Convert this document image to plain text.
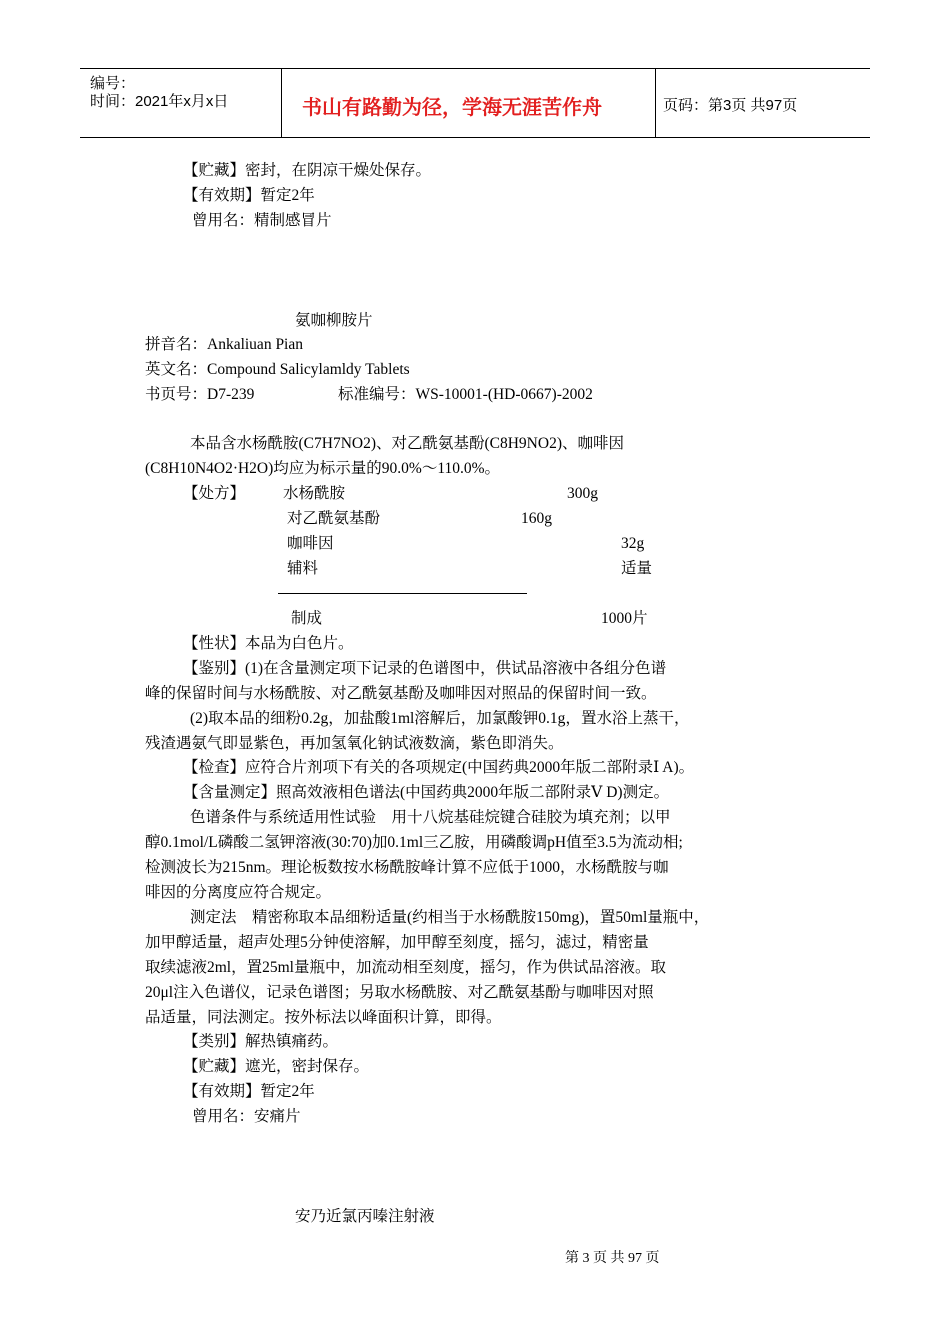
编号：
时间：2021年x月x日	书山有路勤为径，学海无涯苦作舟	页码：第3页 共97页
【贮藏】密封，在阴凉干燥处保存。
【有效期】暂定2年
曾用名：精制感冒片
氨咖柳胺片
拼音名：Ankaliuan Pian
英文名：Compound Salicylamldy Tablets
书页号：D7-239	标准编号：WS-10001-(HD-0667)-2002
本品含水杨酰胺(C7H7NO2)、对乙酰氨基酚(C8H9NO2)、咖啡因
(C8H10N4O2·H2O)均应为标示量的90.0%～110.0%。
【处方】 水杨酰胺	300g
对乙酰氨基酚	160g
咖啡因	32g
辅料	适量
制成	1000片
【性状】本品为白色片。
【鉴别】(1)在含量测定项下记录的色谱图中，供试品溶液中各组分色谱
峰的保留时间与水杨酰胺、对乙酰氨基酚及咖啡因对照品的保留时间一致。
(2)取本品的细粉0.2g，加盐酸1ml溶解后，加氯酸钾0.1g，置水浴上蒸干，
残渣遇氨气即显紫色，再加氢氧化钠试液数滴，紫色即消失。
【检查】应符合片剂项下有关的各项规定(中国药典2000年版二部附录Ⅰ A)。
【含量测定】照高效液相色谱法(中国药典2000年版二部附录Ⅴ D)测定。
色谱条件与系统适用性试验　用十八烷基硅烷键合硅胶为填充剂；以甲
醇0.1mol/L磷酸二氢钾溶液(30:70)加0.1ml三乙胺，用磷酸调pH值至3.5为流动相;
检测波长为215nm。理论板数按水杨酰胺峰计算不应低于1000，水杨酰胺与咖
啡因的分离度应符合规定。
测定法　精密称取本品细粉适量(约相当于水杨酰胺150mg)，置50ml量瓶中，
加甲醇适量，超声处理5分钟使溶解，加甲醇至刻度，摇匀，滤过，精密量
取续滤液2ml，置25ml量瓶中，加流动相至刻度，摇匀，作为供试品溶液。取
20μl注入色谱仪，记录色谱图；另取水杨酰胺、对乙酰氨基酚与咖啡因对照
品适量，同法测定。按外标法以峰面积计算，即得。
【类别】解热镇痛药。
【贮藏】遮光，密封保存。
【有效期】暂定2年
曾用名：安痛片
安乃近氯丙嗪注射液
第 3 页 共 97 页
